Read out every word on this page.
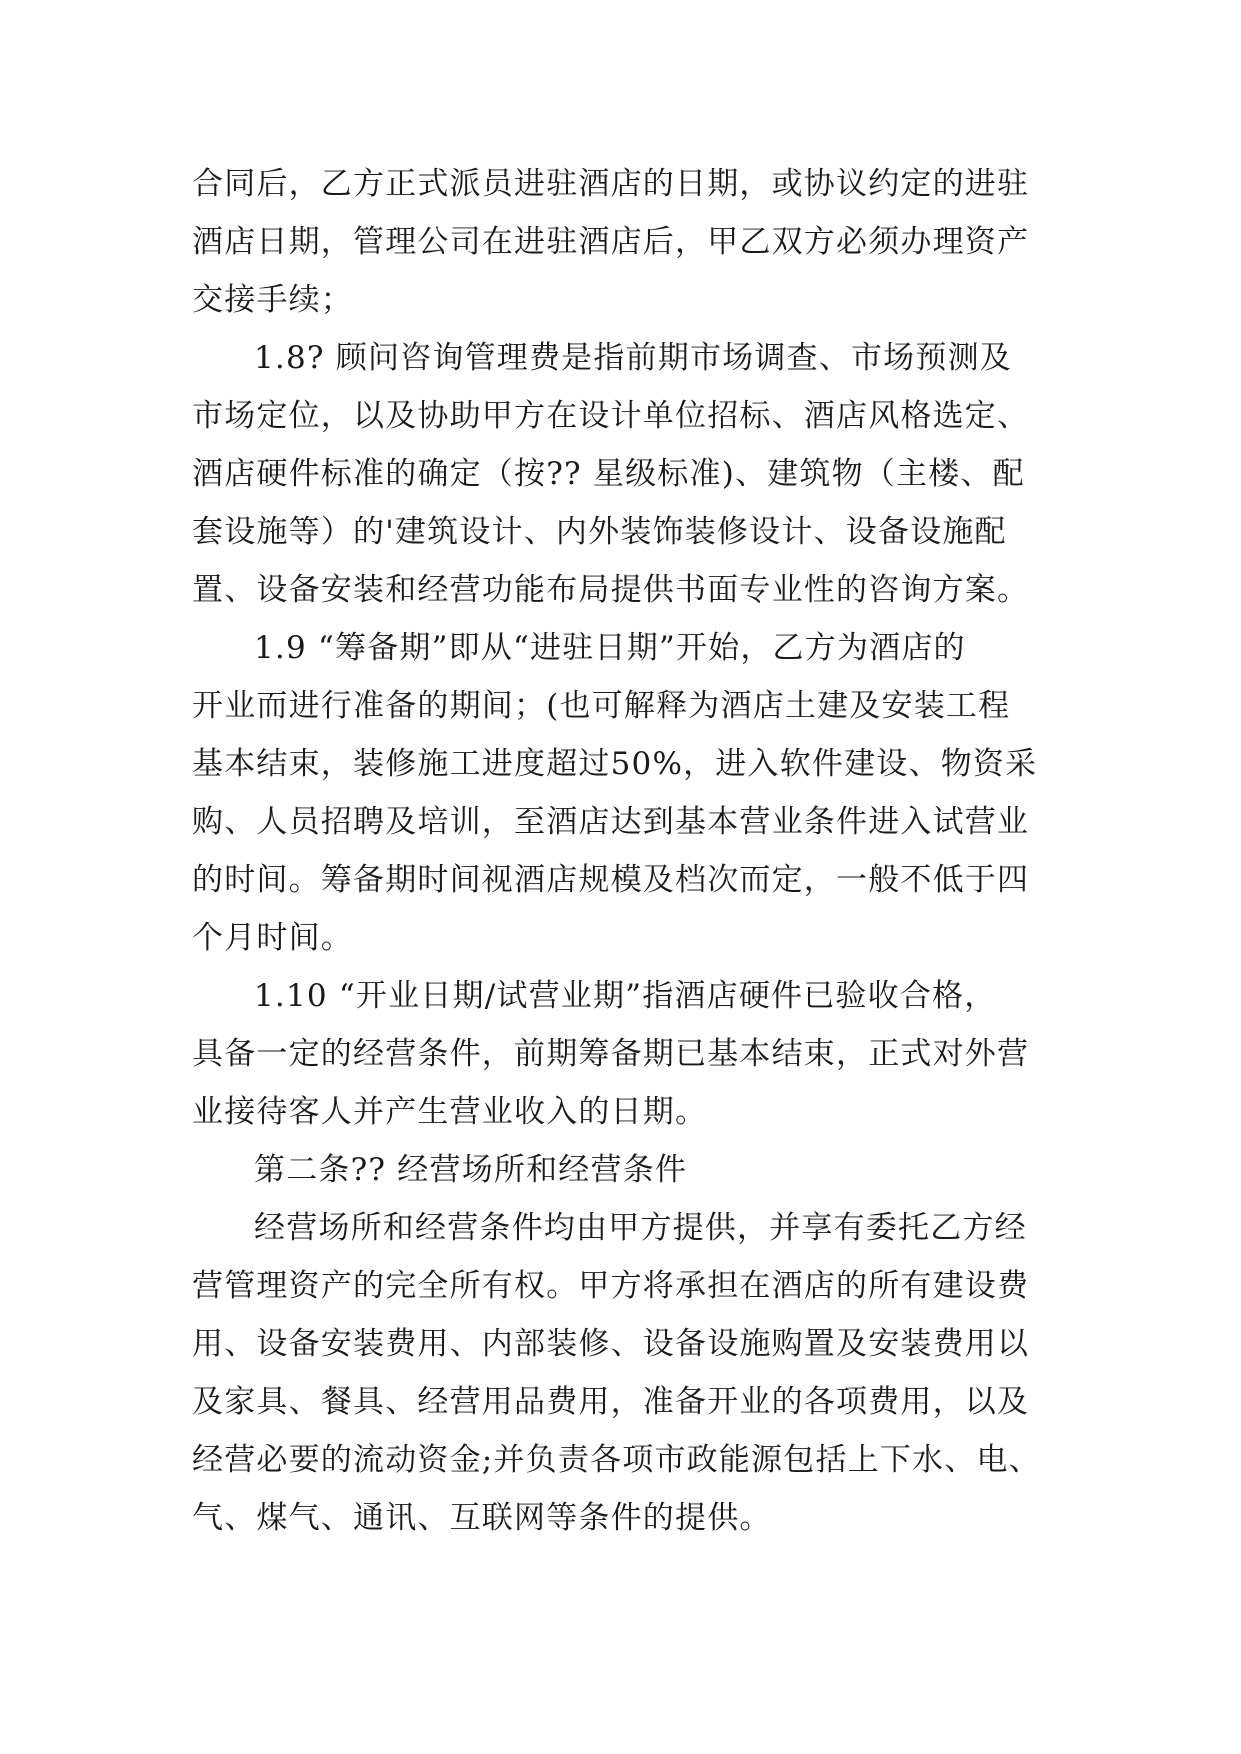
合同后，乙方正式派员进驻酒店的日期，或协议约定的进驻
酒店日期，管理公司在进驻酒店后，甲乙双方必须办理资产
交接手续；
1.8? 顾问咨询管理费是指前期市场调查、市场预测及
市场定位，以及协助甲方在设计单位招标、酒店风格选定、
酒店硬件标准的确定（按?? 星级标准)、建筑物（主楼、配
套设施等）的'建筑设计、内外装饰装修设计、设备设施配
置、设备安装和经营功能布局提供书面专业性的咨询方案。
1.9 “筹备期”即从“进驻日期”开始，乙方为酒店的
开业而进行准备的期间；(也可解释为酒店土建及安装工程
基本结束，装修施工进度超过50%，进入软件建设、物资采
购、人员招聘及培训，至酒店达到基本营业条件进入试营业
的时间。筹备期时间视酒店规模及档次而定，一般不低于四
个月时间。
1.10 “开业日期/试营业期”指酒店硬件已验收合格，
具备一定的经营条件，前期筹备期已基本结束，正式对外营
业接待客人并产生营业收入的日期。
第二条?? 经营场所和经营条件
经营场所和经营条件均由甲方提供，并享有委托乙方经
营管理资产的完全所有权。甲方将承担在酒店的所有建设费
用、设备安装费用、内部装修、设备设施购置及安装费用以
及家具、餐具、经营用品费用，准备开业的各项费用，以及
经营必要的流动资金;并负责各项市政能源包括上下水、电、
气、煤气、通讯、互联网等条件的提供。
